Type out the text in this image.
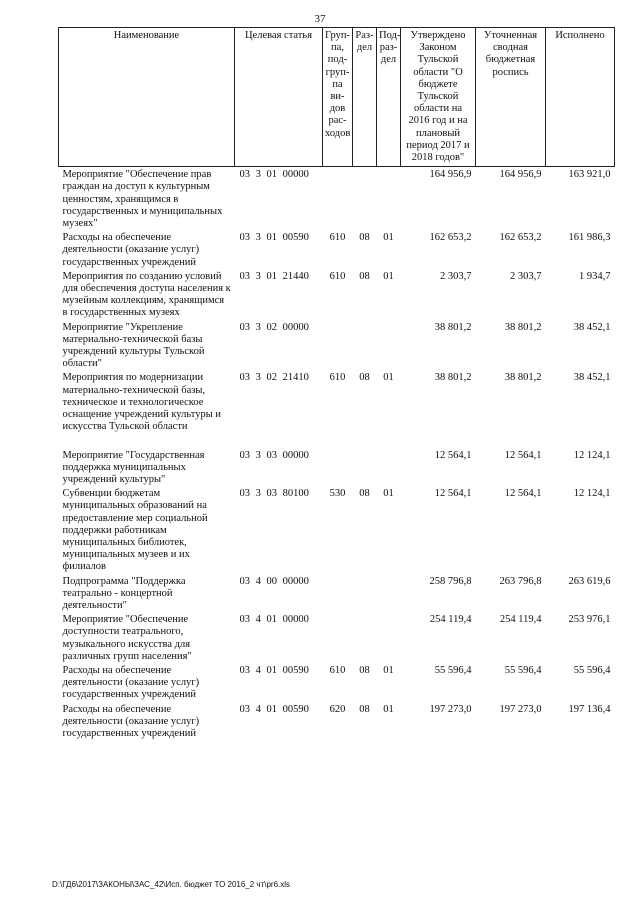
37
Наименование	Целевая статья	Груп-па, под-груп-па ви-дов рас-ходов	Раз-дел	Под-раз-дел	Утверждено Законом Тульской области "О бюджете Тульской области на 2016 год и на плановый период 2017 и 2018 годов"	Уточненная сводная бюджетная роспись	Исполнено
Мероприятие "Обеспечение прав граждан на доступ к культурным ценностям, хранящимся в государственных и муниципальных музеях"	03 3 01 00000				164 956,9	164 956,9	163 921,0
Расходы на обеспечение деятельности (оказание услуг) государственных учреждений	03 3 01 00590	610	08	01	162 653,2	162 653,2	161 986,3
Мероприятия по созданию условий для обеспечения доступа населения к музейным коллекциям, хранящимся в государственных музеях	03 3 01 21440	610	08	01	2 303,7	2 303,7	1 934,7
Мероприятие "Укрепление материально-технической базы учреждений культуры Тульской области"	03 3 02 00000				38 801,2	38 801,2	38 452,1
Мероприятия по модернизации материально-технической базы, техническое и технологическое оснащение учреждений культуры и искусства Тульской области	03 3 02 21410	610	08	01	38 801,2	38 801,2	38 452,1
Мероприятие "Государственная поддержка муниципальных учреждений культуры"	03 3 03 00000				12 564,1	12 564,1	12 124,1
Субвенции бюджетам муниципальных образований на предоставление мер социальной поддержки работникам муниципальных библиотек, муниципальных музеев и их филиалов	03 3 03 80100	530	08	01	12 564,1	12 564,1	12 124,1
Подпрограмма "Поддержка театрально - концертной деятельности"	03 4 00 00000				258 796,8	263 796,8	263 619,6
Мероприятие "Обеспечение доступности театрального, музыкального искусства для различных групп населения"	03 4 01 00000				254 119,4	254 119,4	253 976,1
Расходы на обеспечение деятельности (оказание услуг) государственных учреждений	03 4 01 00590	610	08	01	55 596,4	55 596,4	55 596,4
Расходы на обеспечение деятельности (оказание услуг) государственных учреждений	03 4 01 00590	620	08	01	197 273,0	197 273,0	197 136,4
D:\ГД6\2017\ЗАКОНЫ\ЗАС_42\Исп. бюджет ТО 2016_2 чт\pr6.xls
